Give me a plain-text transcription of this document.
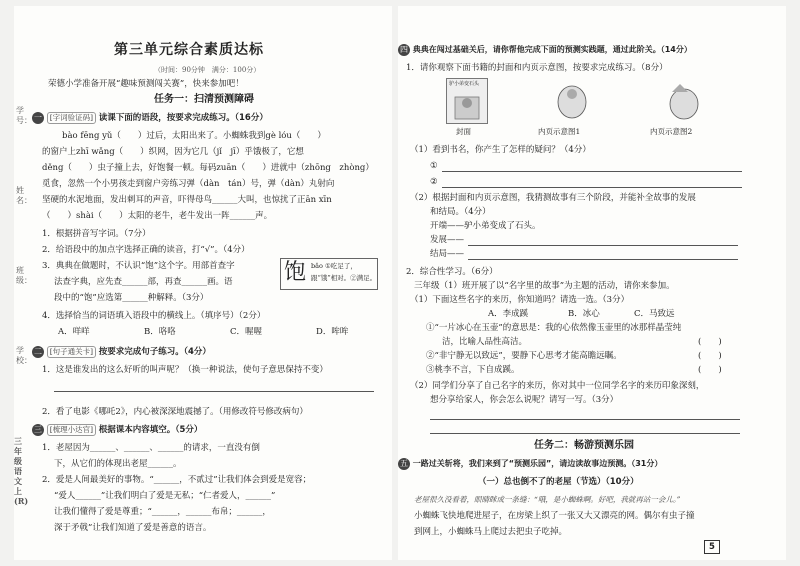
学号：
姓名：
班级：
学校：
三年级 语文 上(R)
第三单元综合素质达标
（时间：90分钟　满分：100分）
荣德小学准备开展“趣味预测闯关赛”，快来参加吧！
任务一：扫清预测障碍
一 [字词验证码] 读课下面的语段，按要求完成练习。（16分）
bào fēng yǔ（　　）过后，太阳出来了。小蜘蛛我到gè lóu（　　）
的窗户上zhī wǎng（　　）织网，因为它几（jǐ　jī）乎饿极了，它想
děng（　　）虫子撞上去，好饱餐一顿。每码zuān（　　）进就中（zhōng　zhòng）
觅食，忽然一个小男孩走到窗户旁练习弹（dàn　tán）号，弹（dàn）丸射向
坚硬的水泥地面，发出刺耳的声音，吓得母鸟______大叫，也惊扰了正ān xīn
（　　）shài（　　）太阳的老牛，老牛发出一阵______声。
1．根据拼音写字词。（7分）
2．给语段中的加点字选择正确的读音，打“√”。（4分）
3．典典在做题时，不认识“饱”这个字。用部首查字
法查字典，应先查______部，再查______画。语
段中的“饱”应选第______种解释。（3分）
饱 bǎo ①吃足了，
跟“饿”相对。②满足。
4．选择恰当的词语填入语段中的横线上。（填序号）（2分）
A．咩咩	B．咯咯	C．喔喔	D．哞哞
二 [句子通关卡] 按要求完成句子练习。（4分）
1．这是谁发出的这么好听的叫声呢？（换一种说法，使句子意思保持不变）
2．看了电影《哪吒2》，内心被深深地震撼了。（用修改符号修改病句）
三 [梳理小达官] 根据课本内容填空。（5分）
1．老屋因为______、______、______的请求，一直没有倒
下，从它们的体现出老屋______。
2．爱是人间最美好的事物。“______，不贰过”让我们体会到爱是宽容；
“爱人______”让我们明白了爱是无私；“仁者爱人，______”
让我们懂得了爱是尊重；“______，______布帛；______，
深于矛戟”让我们知道了爱是善意的语言。
四 典典在闯过基础关后，请你帮他完成下面的预测实践题，通过此阶关。（14分）
1．请你观察下面书籍的封面和内页示意图，按要求完成练习。（8分）
驴小弟变石头
封面	内页示意图1	内页示意图2
（1）看到书名，你产生了怎样的疑问？（4分）
①
②
（2）根据封面和内页示意图，我猜测故事有三个阶段，并能补全故事的发展
和结局。（4分）
开端——驴小弟变成了石头。
发展——
结局——
2．综合性学习。（6分）
三年级（1）班开展了以“名字里的故事”为主题的活动，请你来参加。
（1）下面这些名字的来历，你知道吗？请选一选。（3分）
A．李成蹊	B．冰心	C．马致远
①“一片冰心在玉壶”的意思是：我的心依然像玉壶里的冰那样晶莹纯
洁，比喻人品性高洁。	(　　)
②“非宁静无以致远”，要静下心思考才能高瞻远瞩。	(　　)
③桃李不言，下自成蹊。	(　　)
（2）同学们分享了自己名字的来历，你对其中一位同学名字的来历印象深刻，
想分享给家人，你会怎么说呢？请写一写。（3分）
任务二：畅游预测乐园
五 一路过关斩将，我们来到了“预测乐园”，请边读故事边预测。（31分）
（一）总也倒不了的老屋（节选）（10分）
老屋很久没看着，眼睛眯成一条缝：“哦，是小蜘蛛啊。好吧，我就再站一会儿。”
小蜘蛛飞快地爬进屋子，在房梁上织了一张又大又漂亮的网。偶尔有虫子撞
到网上，小蜘蛛马上爬过去把虫子吃掉。
5
